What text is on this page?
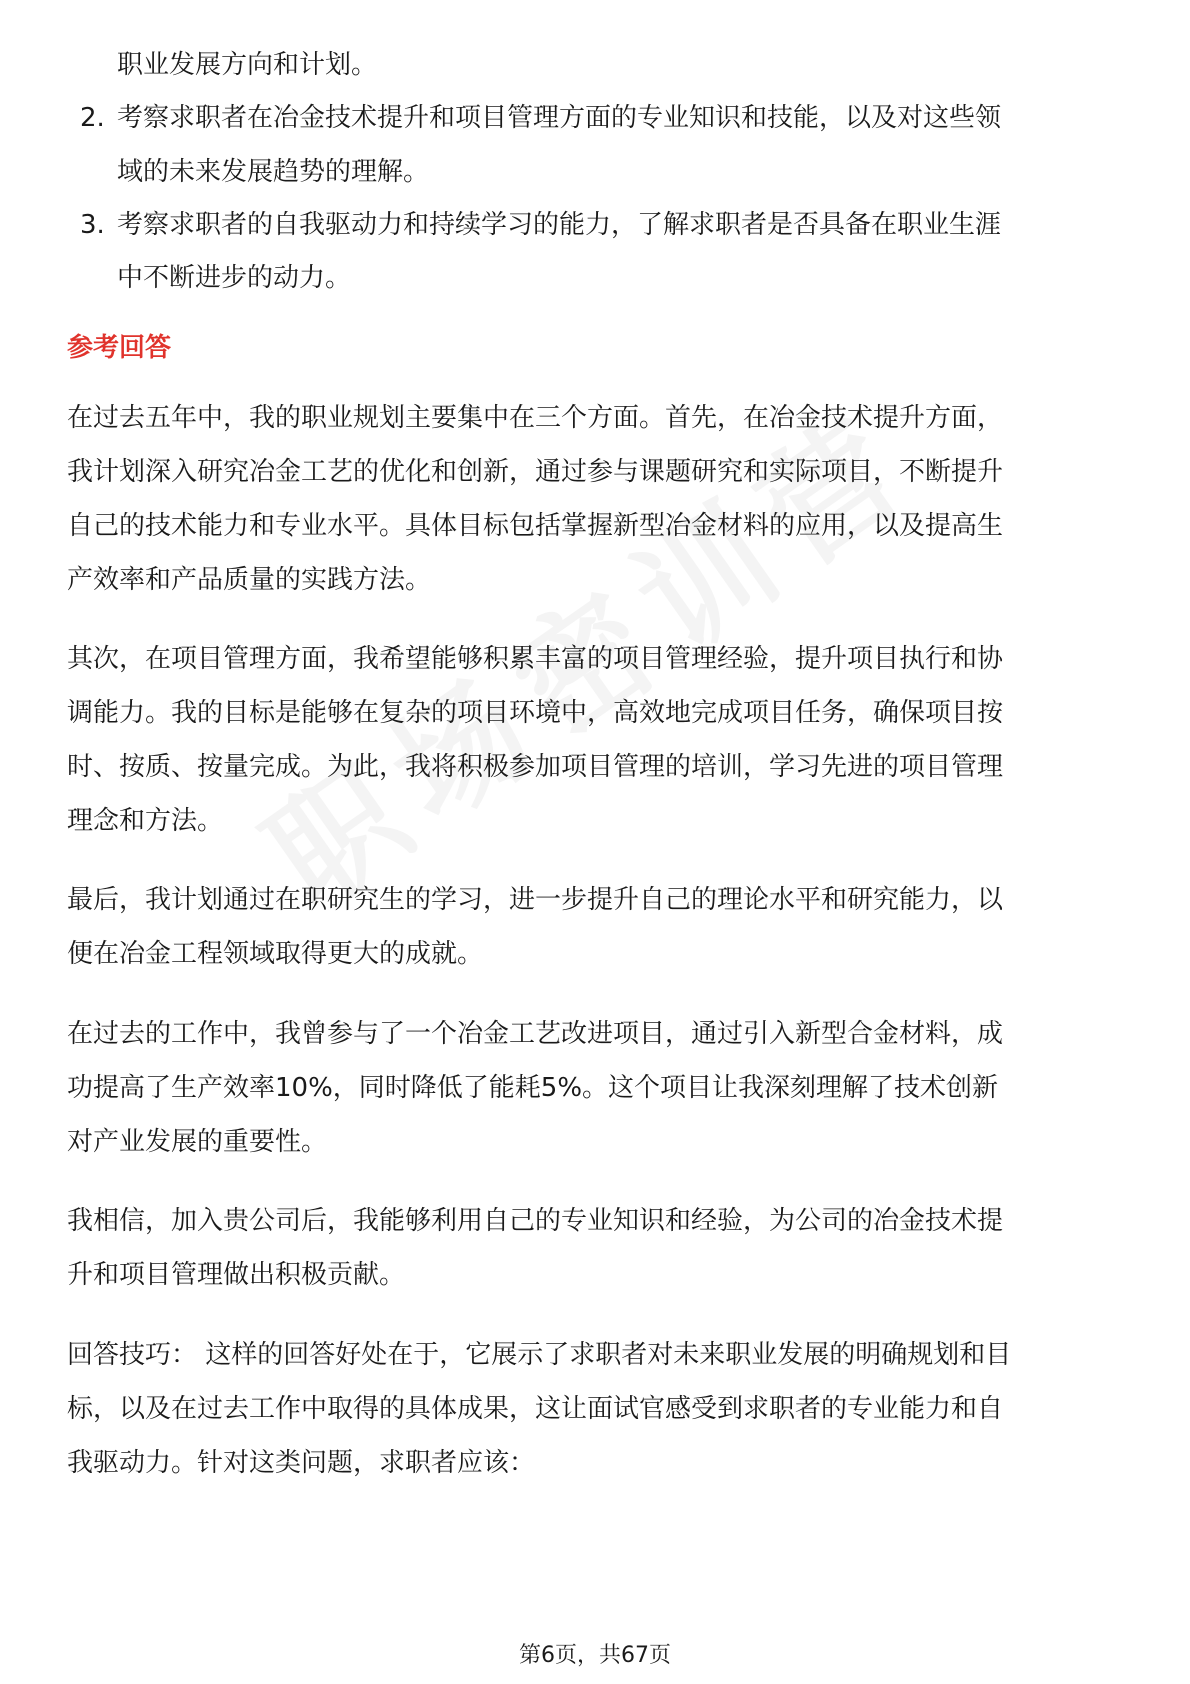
职业发展方向和计划。
2. 考察求职者在冶金技术提升和项目管理方面的专业知识和技能，以及对这些领
域的未来发展趋势的理解。
3. 考察求职者的自我驱动力和持续学习的能力，了解求职者是否具备在职业生涯
中不断进步的动力。
参考回答
在过去五年中，我的职业规划主要集中在三个方面。首先，在冶金技术提升方面，
我计划深入研究冶金工艺的优化和创新，通过参与课题研究和实际项目，不断提升
自己的技术能力和专业水平。具体目标包括掌握新型冶金材料的应用，以及提高生
产效率和产品质量的实践方法。
其次，在项目管理方面，我希望能够积累丰富的项目管理经验，提升项目执行和协
调能力。我的目标是能够在复杂的项目环境中，高效地完成项目任务，确保项目按
时、按质、按量完成。为此，我将积极参加项目管理的培训，学习先进的项目管理
理念和方法。
最后，我计划通过在职研究生的学习，进一步提升自己的理论水平和研究能力，以
便在冶金工程领域取得更大的成就。
在过去的工作中，我曾参与了一个冶金工艺改进项目，通过引入新型合金材料，成
功提高了生产效率10%，同时降低了能耗5%。这个项目让我深刻理解了技术创新
对产业发展的重要性。
我相信，加入贵公司后，我能够利用自己的专业知识和经验，为公司的冶金技术提
升和项目管理做出积极贡献。
回答技巧： 这样的回答好处在于，它展示了求职者对未来职业发展的明确规划和目
标，以及在过去工作中取得的具体成果，这让面试官感受到求职者的专业能力和自
我驱动力。针对这类问题，求职者应该：
第6页，共67页
